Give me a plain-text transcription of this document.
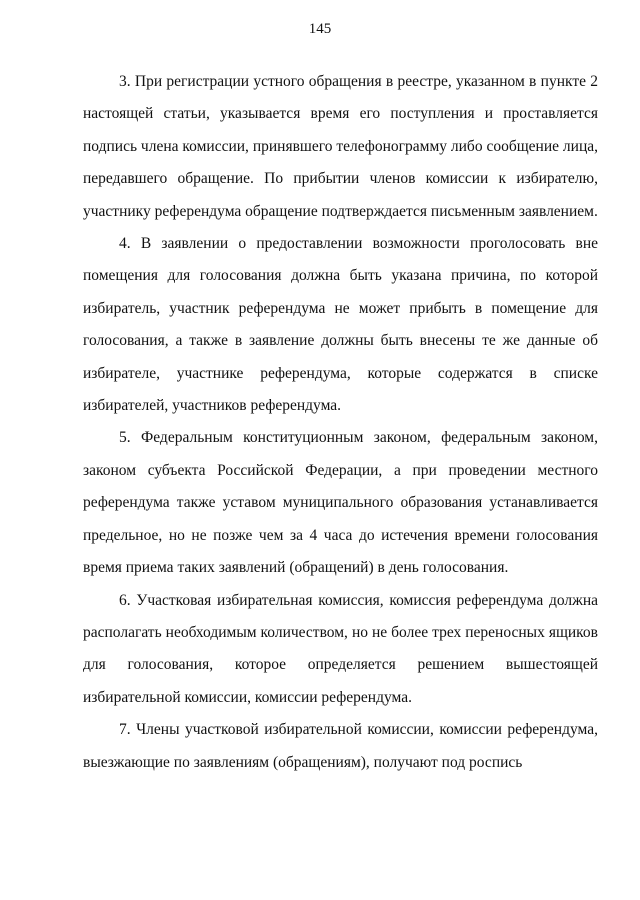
145

3. При регистрации устного обращения в реестре, указанном в пункте 2 настоящей статьи, указывается время его поступления и проставляется подпись члена комиссии, принявшего телефонограмму либо сообщение лица, передавшего обращение. По прибытии членов комиссии к избирателю, участнику референдума обращение подтверждается письменным заявлением.

4. В заявлении о предоставлении возможности проголосовать вне помещения для голосования должна быть указана причина, по которой избиратель, участник референдума не может прибыть в помещение для голосования, а также в заявление должны быть внесены те же данные об избирателе, участнике референдума, которые содержатся в списке избирателей, участников референдума.

5. Федеральным конституционным законом, федеральным законом, законом субъекта Российской Федерации, а при проведении местного референдума также уставом муниципального образования устанавливается предельное, но не позже чем за 4 часа до истечения времени голосования время приема таких заявлений (обращений) в день голосования.

6. Участковая избирательная комиссия, комиссия референдума должна располагать необходимым количеством, но не более трех переносных ящиков для голосования, которое определяется решением вышестоящей избирательной комиссии, комиссии референдума.

7. Члены участковой избирательной комиссии, комиссии референдума, выезжающие по заявлениям (обращениям), получают под роспись
